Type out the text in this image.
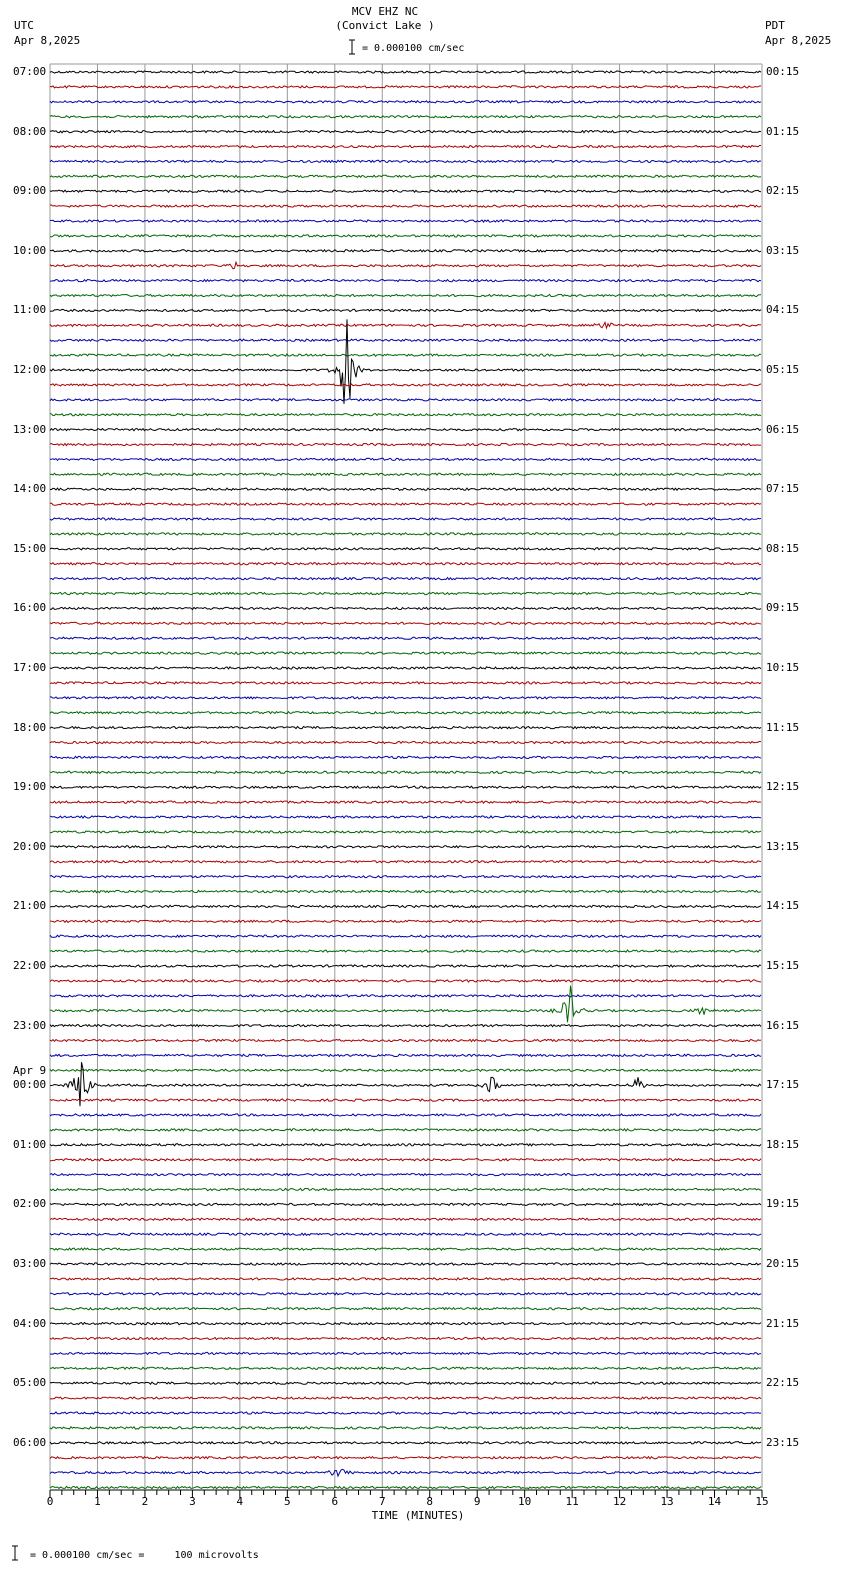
MCV EHZ NC
(Convict Lake )
= 0.000100 cm/sec
UTC
Apr 8,2025
PDT
Apr 8,2025
07:00
08:00
09:00
10:00
11:00
12:00
13:00
14:00
15:00
16:00
17:00
18:00
19:00
20:00
21:00
22:00
23:00
00:00
Apr 9
01:00
02:00
03:00
04:00
05:00
06:00
00:15
01:15
02:15
03:15
04:15
05:15
06:15
07:15
08:15
09:15
10:15
11:15
12:15
13:15
14:15
15:15
16:15
17:15
18:15
19:15
20:15
21:15
22:15
23:15
TIME (MINUTES)
0	1	2	3	4	5	6	7	8	9	10	11	12	13	14	15
= 0.000100 cm/sec =     100 microvolts
